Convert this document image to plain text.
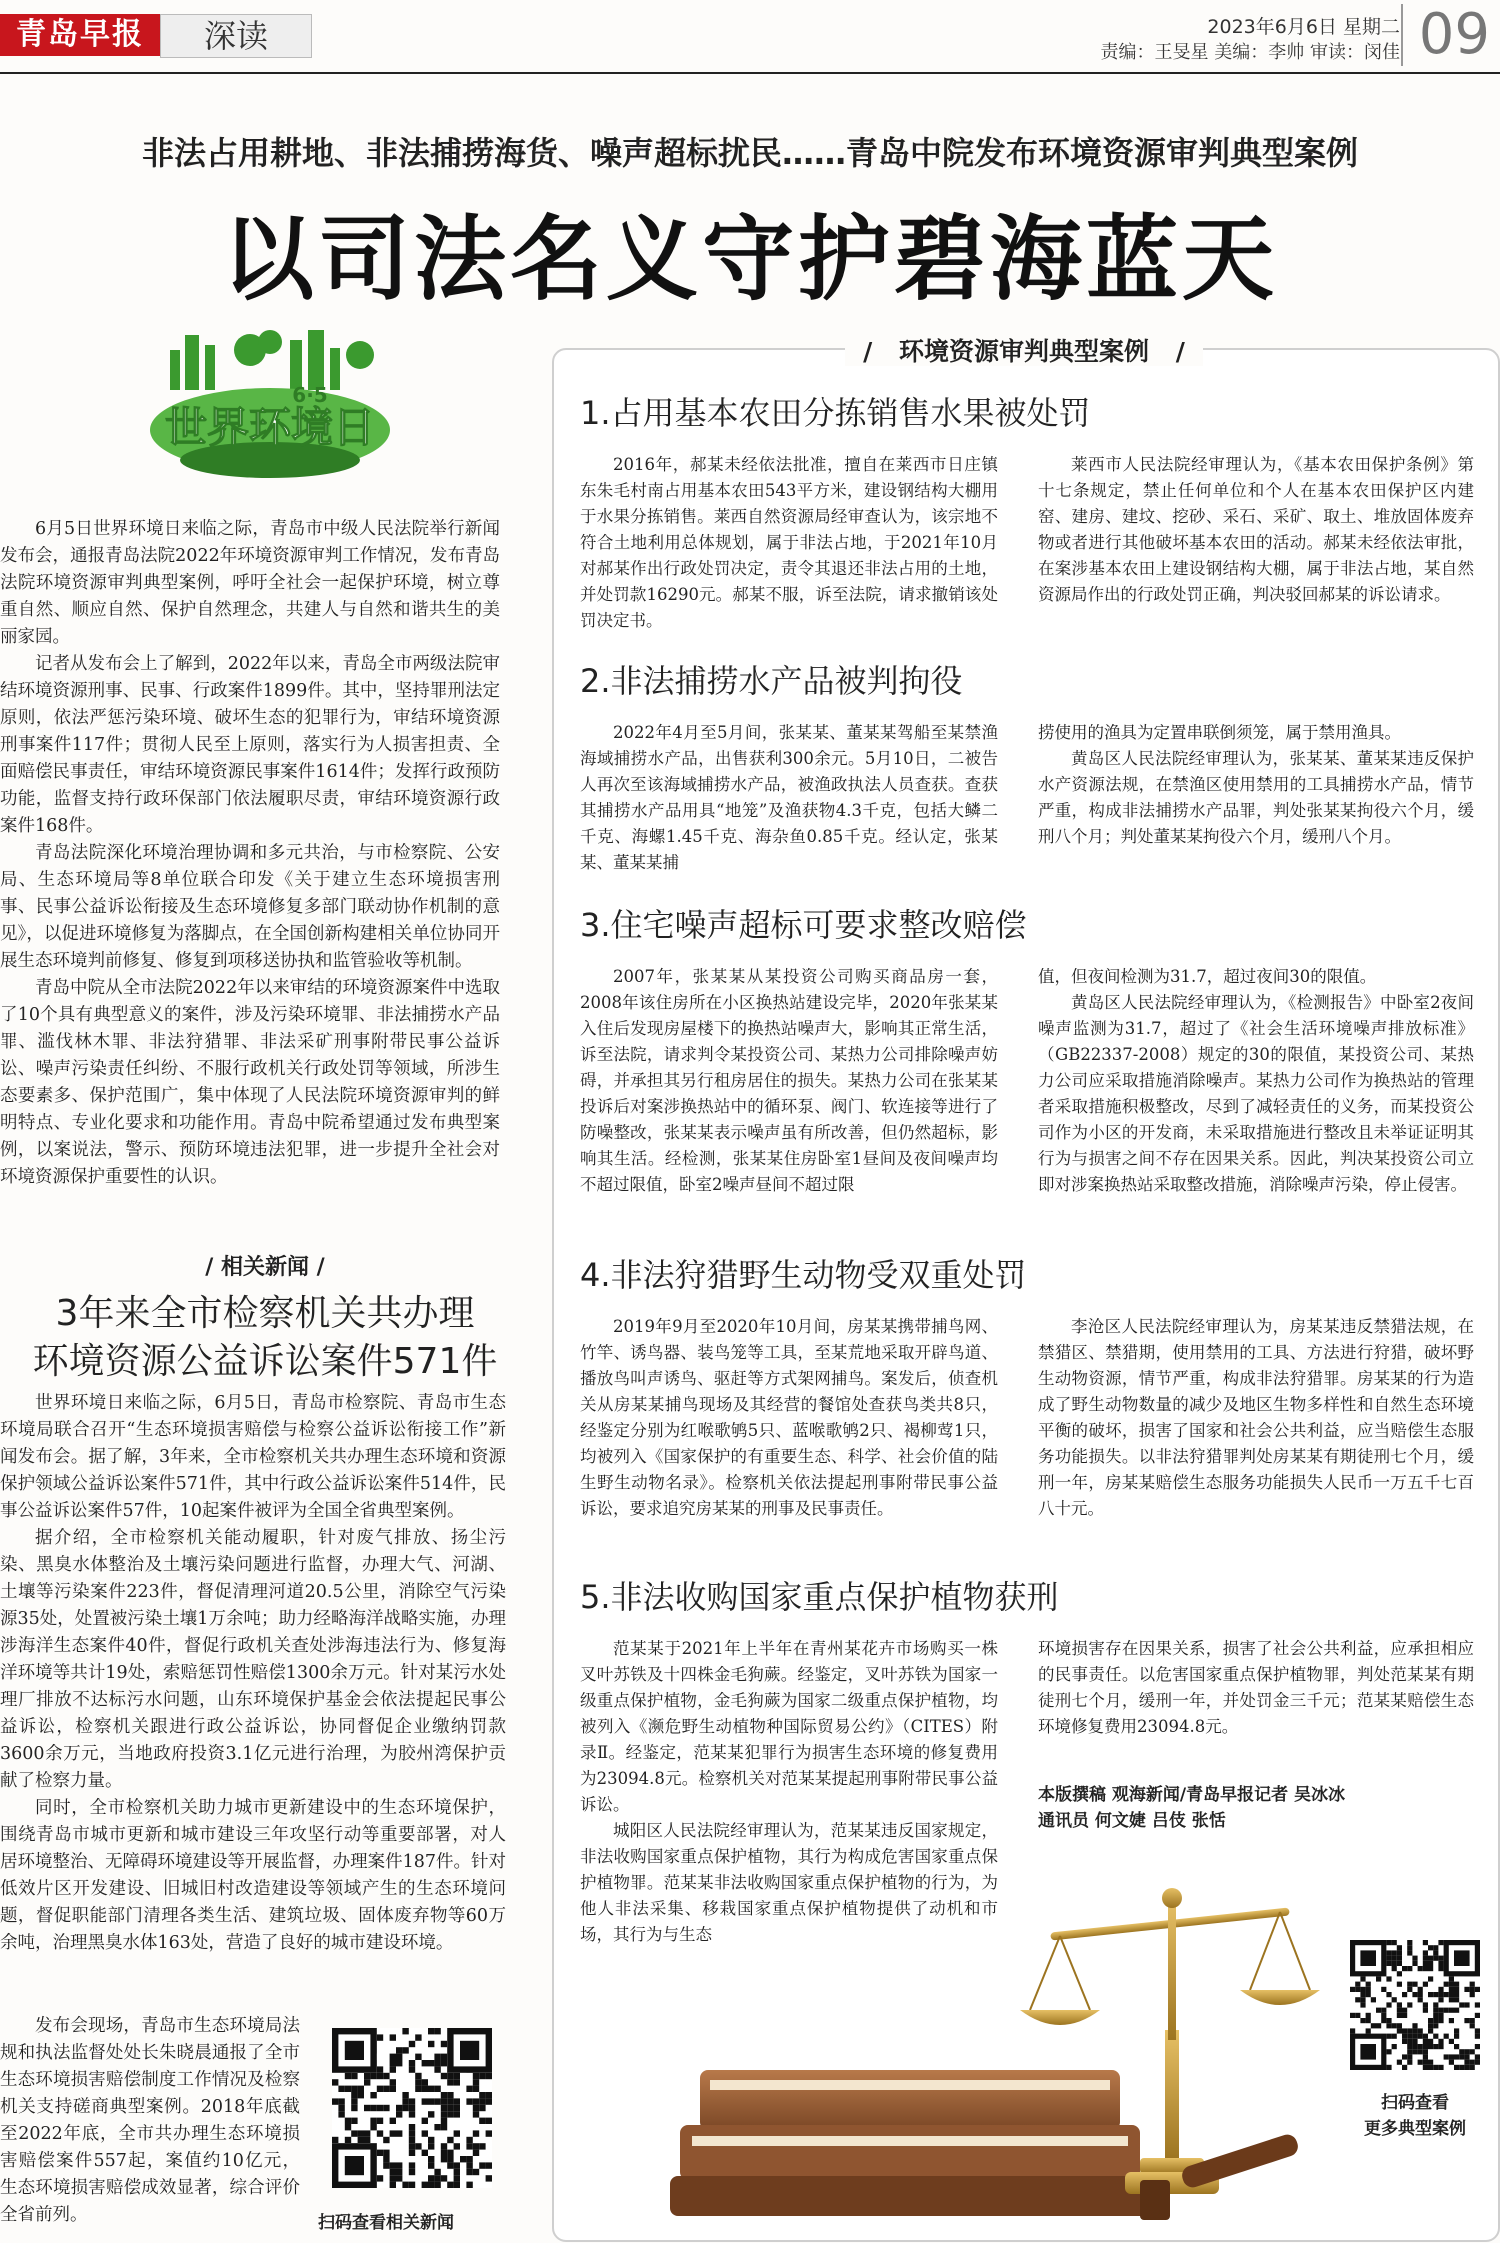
青岛早报	深读	2023年6月6日 星期二
责编：王旻星 美编：李帅 审读：闵佳 09
非法占用耕地、非法捕捞海货、噪声超标扰民……青岛中院发布环境资源审判典型案例
以司法名义守护碧海蓝天
世界环境日
6·5

6月5日世界环境日来临之际，青岛市中级人民法院举行新闻发布会，通报青岛法院2022年环境资源审判工作情况，发布青岛法院环境资源审判典型案例，呼吁全社会一起保护环境，树立尊重自然、顺应自然、保护自然理念，共建人与自然和谐共生的美丽家园。

记者从发布会上了解到，2022年以来，青岛全市两级法院审结环境资源刑事、民事、行政案件1899件。其中，坚持罪刑法定原则，依法严惩污染环境、破坏生态的犯罪行为，审结环境资源刑事案件117件；贯彻人民至上原则，落实行为人损害担责、全面赔偿民事责任，审结环境资源民事案件1614件；发挥行政预防功能，监督支持行政环保部门依法履职尽责，审结环境资源行政案件168件。

青岛法院深化环境治理协调和多元共治，与市检察院、公安局、生态环境局等8单位联合印发《关于建立生态环境损害刑事、民事公益诉讼衔接及生态环境修复多部门联动协作机制的意见》，以促进环境修复为落脚点，在全国创新构建相关单位协同开展生态环境判前修复、修复到项移送协执和监管验收等机制。

青岛中院从全市法院2022年以来审结的环境资源案件中选取了10个具有典型意义的案件，涉及污染环境罪、非法捕捞水产品罪、滥伐林木罪、非法狩猎罪、非法采矿刑事附带民事公益诉讼、噪声污染责任纠纷、不服行政机关行政处罚等领域，所涉生态要素多、保护范围广，集中体现了人民法院环境资源审判的鲜明特点、专业化要求和功能作用。青岛中院希望通过发布典型案例，以案说法，警示、预防环境违法犯罪，进一步提升全社会对环境资源保护重要性的认识。

/ 相关新闻 /
3年来全市检察机关共办理
环境资源公益诉讼案件571件

世界环境日来临之际，6月5日，青岛市检察院、青岛市生态环境局联合召开“生态环境损害赔偿与检察公益诉讼衔接工作”新闻发布会。据了解，3年来，全市检察机关共办理生态环境和资源保护领域公益诉讼案件571件，其中行政公益诉讼案件514件，民事公益诉讼案件57件，10起案件被评为全国全省典型案例。

据介绍，全市检察机关能动履职，针对废气排放、扬尘污染、黑臭水体整治及土壤污染问题进行监督，办理大气、河湖、土壤等污染案件223件，督促清理河道20.5公里，消除空气污染源35处，处置被污染土壤1万余吨；助力经略海洋战略实施，办理涉海洋生态案件40件，督促行政机关查处涉海违法行为、修复海洋环境等共计19处，索赔惩罚性赔偿1300余万元。针对某污水处理厂排放不达标污水问题，山东环境保护基金会依法提起民事公益诉讼，检察机关跟进行政公益诉讼，协同督促企业缴纳罚款3600余万元，当地政府投资3.1亿元进行治理，为胶州湾保护贡献了检察力量。

同时，全市检察机关助力城市更新建设中的生态环境保护，围绕青岛市城市更新和城市建设三年攻坚行动等重要部署，对人居环境整治、无障碍环境建设等开展监督，办理案件187件。针对低效片区开发建设、旧城旧村改造建设等领域产生的生态环境问题，督促职能部门清理各类生活、建筑垃圾、固体废弃物等60万余吨，治理黑臭水体163处，营造了良好的城市建设环境。

发布会现场，青岛市生态环境局法规和执法监督处处长朱晓晨通报了全市生态环境损害赔偿制度工作情况及检察机关支持磋商典型案例。2018年底截至2022年底，全市共办理生态环境损害赔偿案件557起，案值约10亿元，生态环境损害赔偿成效显著，综合评价全省前列。	扫码查看相关新闻
/ 环境资源审判典型案例 /
1.占用基本农田分拣销售水果被处罚

2016年，郝某未经依法批准，擅自在莱西市日庄镇东朱毛村南占用基本农田543平方米，建设钢结构大棚用于水果分拣销售。莱西自然资源局经审查认为，该宗地不符合土地利用总体规划，属于非法占地，于2021年10月对郝某作出行政处罚决定，责令其退还非法占用的土地，并处罚款16290元。郝某不服，诉至法院，请求撤销该处罚决定书。

莱西市人民法院经审理认为，《基本农田保护条例》第十七条规定，禁止任何单位和个人在基本农田保护区内建窑、建房、建坟、挖砂、采石、采矿、取土、堆放固体废弃物或者进行其他破坏基本农田的活动。郝某未经依法审批，在案涉基本农田上建设钢结构大棚，属于非法占地，某自然资源局作出的行政处罚正确，判决驳回郝某的诉讼请求。

2.非法捕捞水产品被判拘役

2022年4月至5月间，张某某、董某某驾船至某禁渔海域捕捞水产品，出售获利300余元。5月10日，二被告人再次至该海域捕捞水产品，被渔政执法人员查获。查获其捕捞水产品用具“地笼”及渔获物4.3千克，包括大鳞二千克、海螺1.45千克、海杂鱼0.85千克。经认定，张某某、董某某捕

捞使用的渔具为定置串联倒须笼，属于禁用渔具。

黄岛区人民法院经审理认为，张某某、董某某违反保护水产资源法规，在禁渔区使用禁用的工具捕捞水产品，情节严重，构成非法捕捞水产品罪，判处张某某拘役六个月，缓刑八个月；判处董某某拘役六个月，缓刑八个月。

3.住宅噪声超标可要求整改赔偿

2007年，张某某从某投资公司购买商品房一套，2008年该住房所在小区换热站建设完毕，2020年张某某入住后发现房屋楼下的换热站噪声大，影响其正常生活，诉至法院，请求判令某投资公司、某热力公司排除噪声妨碍，并承担其另行租房居住的损失。某热力公司在张某某投诉后对案涉换热站中的循环泵、阀门、软连接等进行了防噪整改，张某某表示噪声虽有所改善，但仍然超标，影响其生活。经检测，张某某住房卧室1昼间及夜间噪声均不超过限值，卧室2噪声昼间不超过限

值，但夜间检测为31.7，超过夜间30的限值。

黄岛区人民法院经审理认为，《检测报告》中卧室2夜间噪声监测为31.7，超过了《社会生活环境噪声排放标准》（GB22337-2008）规定的30的限值，某投资公司、某热力公司应采取措施消除噪声。某热力公司作为换热站的管理者采取措施积极整改，尽到了减轻责任的义务，而某投资公司作为小区的开发商，未采取措施进行整改且未举证证明其行为与损害之间不存在因果关系。因此，判决某投资公司立即对涉案换热站采取整改措施，消除噪声污染，停止侵害。

4.非法狩猎野生动物受双重处罚

2019年9月至2020年10月间，房某某携带捕鸟网、竹竿、诱鸟器、装鸟笼等工具，至某荒地采取开辟鸟道、播放鸟叫声诱鸟、驱赶等方式架网捕鸟。案发后，侦查机关从房某某捕鸟现场及其经营的餐馆处查获鸟类共8只，经鉴定分别为红喉歌鸲5只、蓝喉歌鸲2只、褐柳莺1只，均被列入《国家保护的有重要生态、科学、社会价值的陆生野生动物名录》。检察机关依法提起刑事附带民事公益诉讼，要求追究房某某的刑事及民事责任。

李沧区人民法院经审理认为，房某某违反禁猎法规，在禁猎区、禁猎期，使用禁用的工具、方法进行狩猎，破坏野生动物资源，情节严重，构成非法狩猎罪。房某某的行为造成了野生动物数量的减少及地区生物多样性和自然生态环境平衡的破坏，损害了国家和社会公共利益，应当赔偿生态服务功能损失。以非法狩猎罪判处房某某有期徒刑七个月，缓刑一年，房某某赔偿生态服务功能损失人民币一万五千七百八十元。

5.非法收购国家重点保护植物获刑

范某某于2021年上半年在青州某花卉市场购买一株叉叶苏铁及十四株金毛狗蕨。经鉴定，叉叶苏铁为国家一级重点保护植物，金毛狗蕨为国家二级重点保护植物，均被列入《濒危野生动植物种国际贸易公约》（CITES）附录Ⅱ。经鉴定，范某某犯罪行为损害生态环境的修复费用为23094.8元。检察机关对范某某提起刑事附带民事公益诉讼。

城阳区人民法院经审理认为，范某某违反国家规定，非法收购国家重点保护植物，其行为构成危害国家重点保护植物罪。范某某非法收购国家重点保护植物的行为，为他人非法采集、移栽国家重点保护植物提供了动机和市场，其行为与生态

环境损害存在因果关系，损害了社会公共利益，应承担相应的民事责任。以危害国家重点保护植物罪，判处范某某有期徒刑七个月，缓刑一年，并处罚金三千元；范某某赔偿生态环境修复费用23094.8元。

本版撰稿 观海新闻/青岛早报记者 吴冰冰
通讯员 何文婕 吕伎 张恬
扫码查看
更多典型案例
